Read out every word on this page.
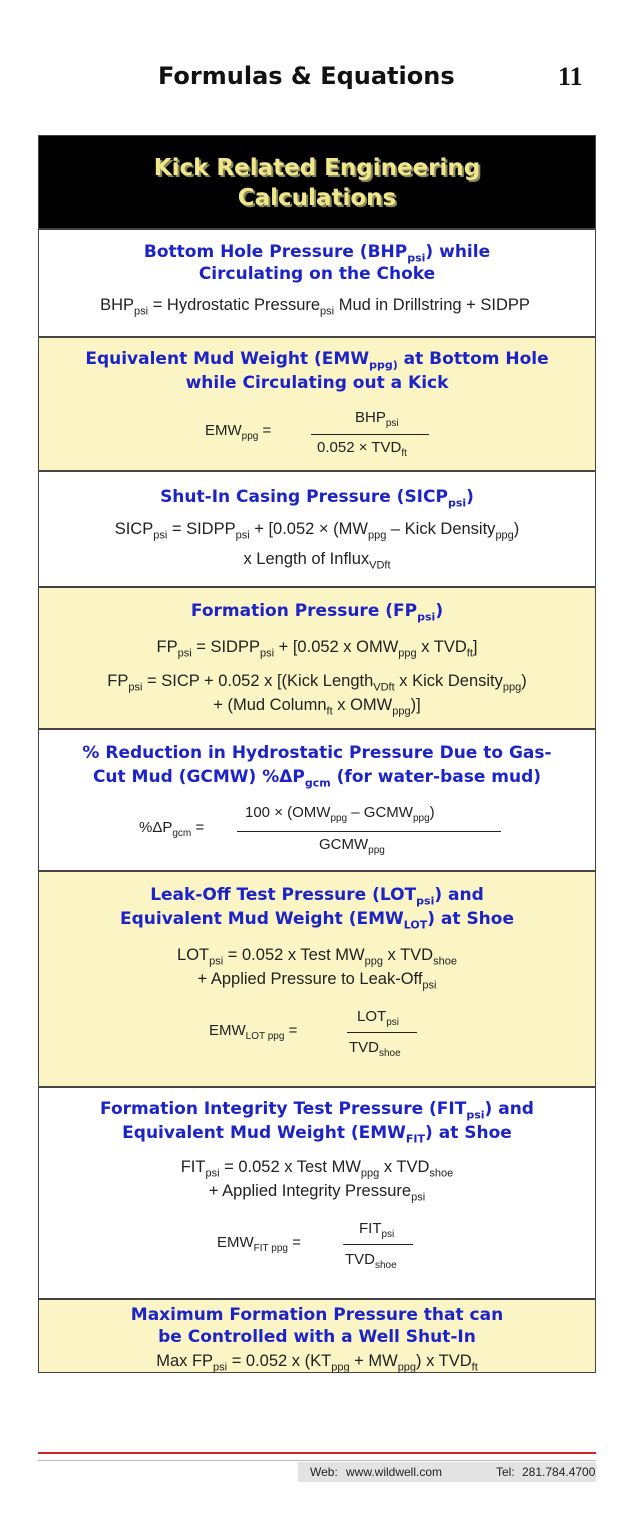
Formulas & Equations	11
Kick Related Engineering
Calculations
Bottom Hole Pressure $(BHP_{psi})$ while
Circulating on the Choke
$BHP_{psi}$ = Hydrostatic Pressure$_{psi}$ Mud in Drillstring + SIDPP
Equivalent Mud Weight ($EMW_{ppg)}$ at Bottom Hole
while Circulating out a Kick
$EMW_{ppg}$ =
$BHP_{psi}$
$0.052 \times TVD_{ft}$
Shut-In Casing Pressure $(SICP_{psi})$
$SICP_{psi}$ = $SIDPP_{psi} + [0.052 \times (MW_{ppg}$ – Kick Density$_{ppg}$)
x Length of Influx$_{VDft}$
Formation Pressure $(FP_{psi})$
$FP_{psi}$ = $SIDPP_{psi} + [0.052$ x $OMW_{ppg}$ x $TVD_{ft}$]
$FP_{psi}$ = SICP + 0.052 x [(Kick Length$_{VDft}$ x Kick Density$_{ppg}$)
+ (Mud Column$_{ft}$ x $OMW_{ppg}$)]
% Reduction in Hydrostatic Pressure Due to Gas-
Cut Mud (GCMW) $\%\Delta P_{gcm}$ (for water-base mud)
$\%\Delta P_{gcm}$ =
$100 \times (OMW_{ppg}$ – $GCMW_{ppg}$)
$GCMW_{ppg}$
Leak-Off Test Pressure $(LOT_{psi})$ and
Equivalent Mud Weight $(EMW_{LOT})$ at Shoe
$LOT_{psi} = 0.052$ x Test $MW_{ppg}$ x $TVD_{shoe}$
+ Applied Pressure to Leak-Off$_{psi}$
$EMW_{LOT ppg}$ =
$LOT_{psi}$
$TVD_{shoe}$
Formation Integrity Test Pressure $(FIT_{psi})$ and
Equivalent Mud Weight $(EMW_{FIT})$ at Shoe
$FIT_{psi} = 0.052$ x Test $MW_{ppg}$ x $TVD_{shoe}$
+ Applied Integrity Pressure$_{psi}$
$EMW_{FIT ppg}$ =
$FIT_{psi}$
$TVD_{shoe}$
Maximum Formation Pressure that can
be Controlled with a Well Shut-In
Max $FP_{psi} = 0.052$ x $(KT_{ppg} + MW_{ppg})$ x $TVD_{ft}$
Web: www.wildwell.com	Tel: 281.784.4700
